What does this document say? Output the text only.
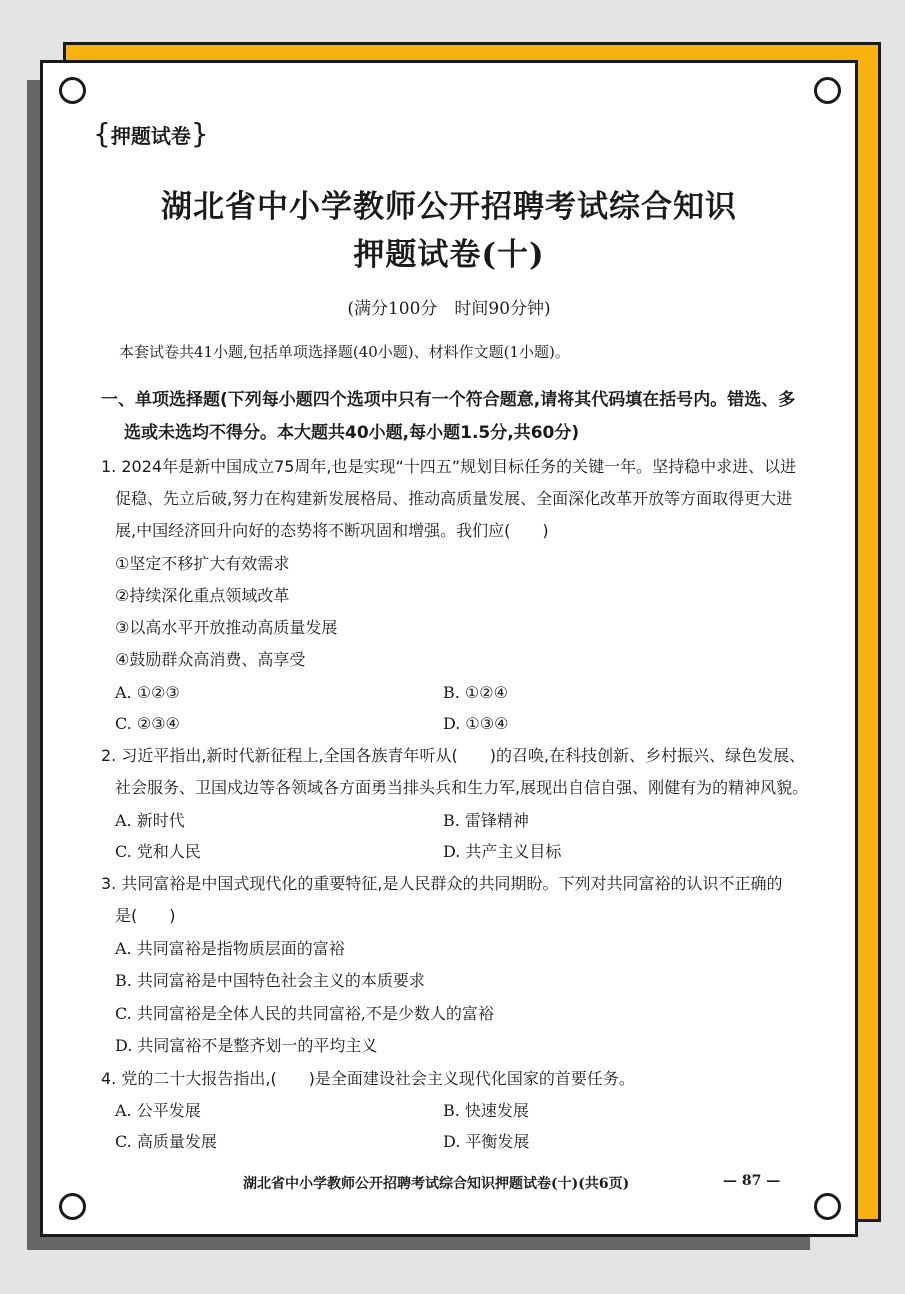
{ 押题试卷 }
湖北省中小学教师公开招聘考试综合知识
押题试卷(十)
(满分100分　时间90分钟)
本套试卷共41小题,包括单项选择题(40小题)、材料作文题(1小题)。
一、单项选择题(下列每小题四个选项中只有一个符合题意,请将其代码填在括号内。错选、多
选或未选均不得分。本大题共40小题,每小题1.5分,共60分)
1. 2024年是新中国成立75周年,也是实现“十四五”规划目标任务的关键一年。坚持稳中求进、以进
促稳、先立后破,努力在构建新发展格局、推动高质量发展、全面深化改革开放等方面取得更大进
展,中国经济回升向好的态势将不断巩固和增强。我们应(　　)
①坚定不移扩大有效需求
②持续深化重点领域改革
③以高水平开放推动高质量发展
④鼓励群众高消费、高享受
A. ①②③	B. ①②④
C. ②③④	D. ①③④
2. 习近平指出,新时代新征程上,全国各族青年听从(　　)的召唤,在科技创新、乡村振兴、绿色发展、
社会服务、卫国戍边等各领域各方面勇当排头兵和生力军,展现出自信自强、刚健有为的精神风貌。
A. 新时代	B. 雷锋精神
C. 党和人民	D. 共产主义目标
3. 共同富裕是中国式现代化的重要特征,是人民群众的共同期盼。下列对共同富裕的认识不正确的
是(　　)
A. 共同富裕是指物质层面的富裕
B. 共同富裕是中国特色社会主义的本质要求
C. 共同富裕是全体人民的共同富裕,不是少数人的富裕
D. 共同富裕不是整齐划一的平均主义
4. 党的二十大报告指出,(　　)是全面建设社会主义现代化国家的首要任务。
A. 公平发展	B. 快速发展
C. 高质量发展	D. 平衡发展
湖北省中小学教师公开招聘考试综合知识押题试卷(十)(共6页)	— 87 —
